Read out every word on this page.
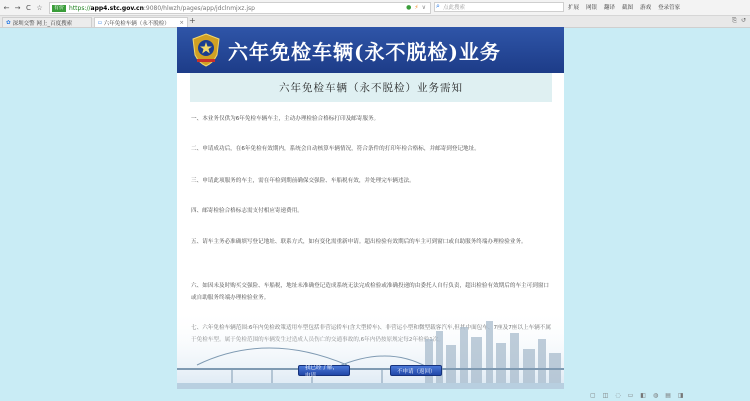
← → C ☆	有价 https:// app4.stc.gov.cn :9080/hlwzh/pages/app/jdclnmjxz.jsp	● ⚡ ∨
⌕	点此搜索	扩展 网银 翻译 截图 游戏 登录管家
✿ 深圳交警 网上_百度搜索	▫ 六年免检车辆（永不脱检） × +	⎘ ↺
六年免检车辆(永不脱检)业务
六年免检车辆（永不脱检）业务需知
一、本业务仅供为6年免检车辆车主，主动办理检验合格标打印及邮寄服务。
二、申请成功后，在6年免检有效期内，系统会自动核算车辆情况，符合条件的打印年检合格标，并邮寄到登记地址。
三、申请此项服务的车主，需在年检到期前确保交强险、车船税有效，并处理完车辆违法。
四、邮寄检验合格标志需支付相应寄递费用。
五、请车主务必准确填写登记地址、联系方式，如有变化需重新申请。超出检验有效期后的车主可到窗口或自助服务终端办理检验业务。
六、如因未及时购买交强险、车船税，地址未准确登记造成系统无法完成检验或准确投递的由委托人自行负责，超出检验有效期后的车主可到窗口或自助服务终端办理检验业务。
我已经了解，申请
不申请（返回）
▢ ◫ ◌ ▭ ◧ ◍ ▤ ◨
